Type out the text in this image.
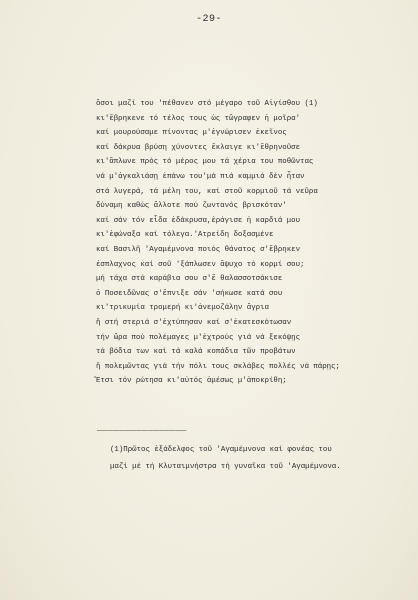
-29-
ὅσοι μαζί του 'πέθανεν στό μέγαρο τοῦ Αἰγίσθου (1)
κι'ἔβρηκενε τό τέλος τους ὡς τὤγραφεν ἡ μοῖρα'
καί μουρούσαμε πίνοντας μ'ἐγνώρισεν ἐκεῖνος
καί δάκρυα βρύση χύνοντες ἔκλαιγε κι'ἔθρηνοῦσε
κι'ἅπλωνε πρός τό μέρος μου τά χέρια του ποθῶντας
νά μ'ἀγκαλιάσῃ ἐπάνω του'μά πιά καμμιά δέν ἦταν
στά λυγερά, τά μέλη του, καί στοῦ κορμιοῦ τά νεῦρα
δύναμη καθώς ἄλλοτε πού ζωντανός βρισκόταν'
καί σάν τόν εἶδα ἐδάκρυσα,ἐράγισε ἡ καρδιά μου
κι'ἐφώναξα καί τόλεγα.'Ατρείδη δοξασμένε
καί Βασιλῆ 'Αγαμέμνονα ποιός θάνατος σ'ἔβρηκεν
ἐσπλαχνος καί σοῦ 'ξάπλωσεν ἄψυχο τό κορμί σου;
μή τάχα στά καράβια σου σ'ἔ θαλασσοτσάκισε
ὁ Ποσειδῶνας σ'ἔπνιξε σάν 'σήκωσε κατά σου
κι'τρικυμία τρομερή κι'ἀνεμοζάλην ἄγρια
ἤ στή στεριά σ'ἐχτύπησαν καί σ'ἐκατεσκότωσαν
τήν ὥρα πού πολέμαγες μ'ἐχτρούς γιά νά ξεκόψῃς
τά βόδια των καί τά καλά κοπάδια τῶν προβάτων
ἤ πολεμῶντας γιά τήν πόλι τους σκλάβες πολλές νά πάρῃς;
Ἔτσι τόν ρώτησα κι'αὐτός ἀμέσως μ'ἀποκρίθη;
________________
(1)Πρῶτος ἐξάδελφος τοῦ 'Αγαμέμνονα καί φονέας του
μαζί μέ τή Κλυταιμνήστρα τή γυναῖκα τοῦ 'Αγαμέμνονα.
